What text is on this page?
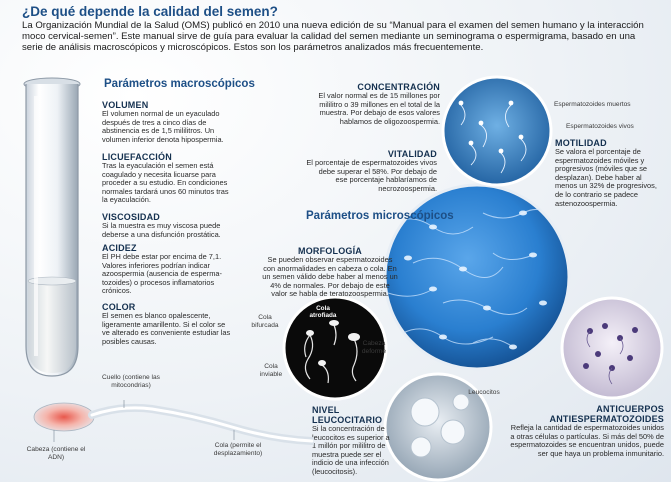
¿De qué depende la calidad del semen?
La Organización Mundial de la Salud (OMS) publicó en 2010 una nueva edición de su “Manual para el examen del semen humano y la interacción moco cervical-semen”. Este manual sirve de guía para evaluar la calidad del semen mediante un seminograma o espermigrama, basado en una serie de análisis macroscópicos y microscópicos. Estos son los parámetros analizados más frecuentemente.
Parámetros macroscópicos
VOLUMEN
El volumen normal de un eyaculado después de tres a cinco días de abstinencia es de 1,5 mililitros. Un volumen inferior denota hipospermia.
LICUEFACCIÓN
Tras la eyaculación el semen está coagulado y necesita licuarse para proceder a su estudio. En condiciones normales tardará unos 60 minutos tras la eyaculación.
VISCOSIDAD
Si la muestra es muy viscosa puede deberse a una disfunción prostática.
ACIDEZ
El PH debe estar por encima de 7,1. Valores inferiores podrían indicar azoospermia (ausencia de esperma-tozoides) o procesos inflamatorios crónicos.
COLOR
El semen es blanco opalescente, ligeramente amarillento. Si el color se ve alterado es conveniente estudiar las posibles causas.
Cola atrofiada
Cola bifurcada
Cabeza deforme
Cola inviable
Leucocitos
Parámetros microscópicos
CONCENTRACIÓN
El valor normal es de 15 millones por mililitro o 39 millones en el total de la muestra. Por debajo de esos valores hablamos de oligozoospermia.
VITALIDAD
El porcentaje de espermatozoides vivos debe superar el 58%. Por debajo de ese porcentaje hablaríamos de necrozoospermia.
Espermatozoides muertos
Espermatozoides vivos
MOTILIDAD
Se valora el porcentaje de espermatozoides móviles y progresivos (móviles que se desplazan). Debe haber al menos un 32% de progresivos, de lo contrario se padece astenozoospermia.
MORFOLOGÍA
Se pueden observar espermatozoides con anormalidades en cabeza o cola. En un semen válido debe haber al menos un 4% de normales. Por debajo de este valor se habla de teratozoospermia.
NIVEL LEUCOCITARIO
Si la concentración de leucocitos es superior a 1 millón por mililitro de muestra puede ser el indicio de una infección (leucocitosis).
ANTICUERPOS
ANTIESPERMATOZOIDES
Refleja la cantidad de espermatozoides unidos a otras células o partículas. Si más del 50% de espermatozoides se encuentran unidos, puede ser que haya un problema inmunitario.
Cuello (contiene las mitocondrias)
Cabeza (contiene el ADN)
Cola (permite el desplazamiento)
